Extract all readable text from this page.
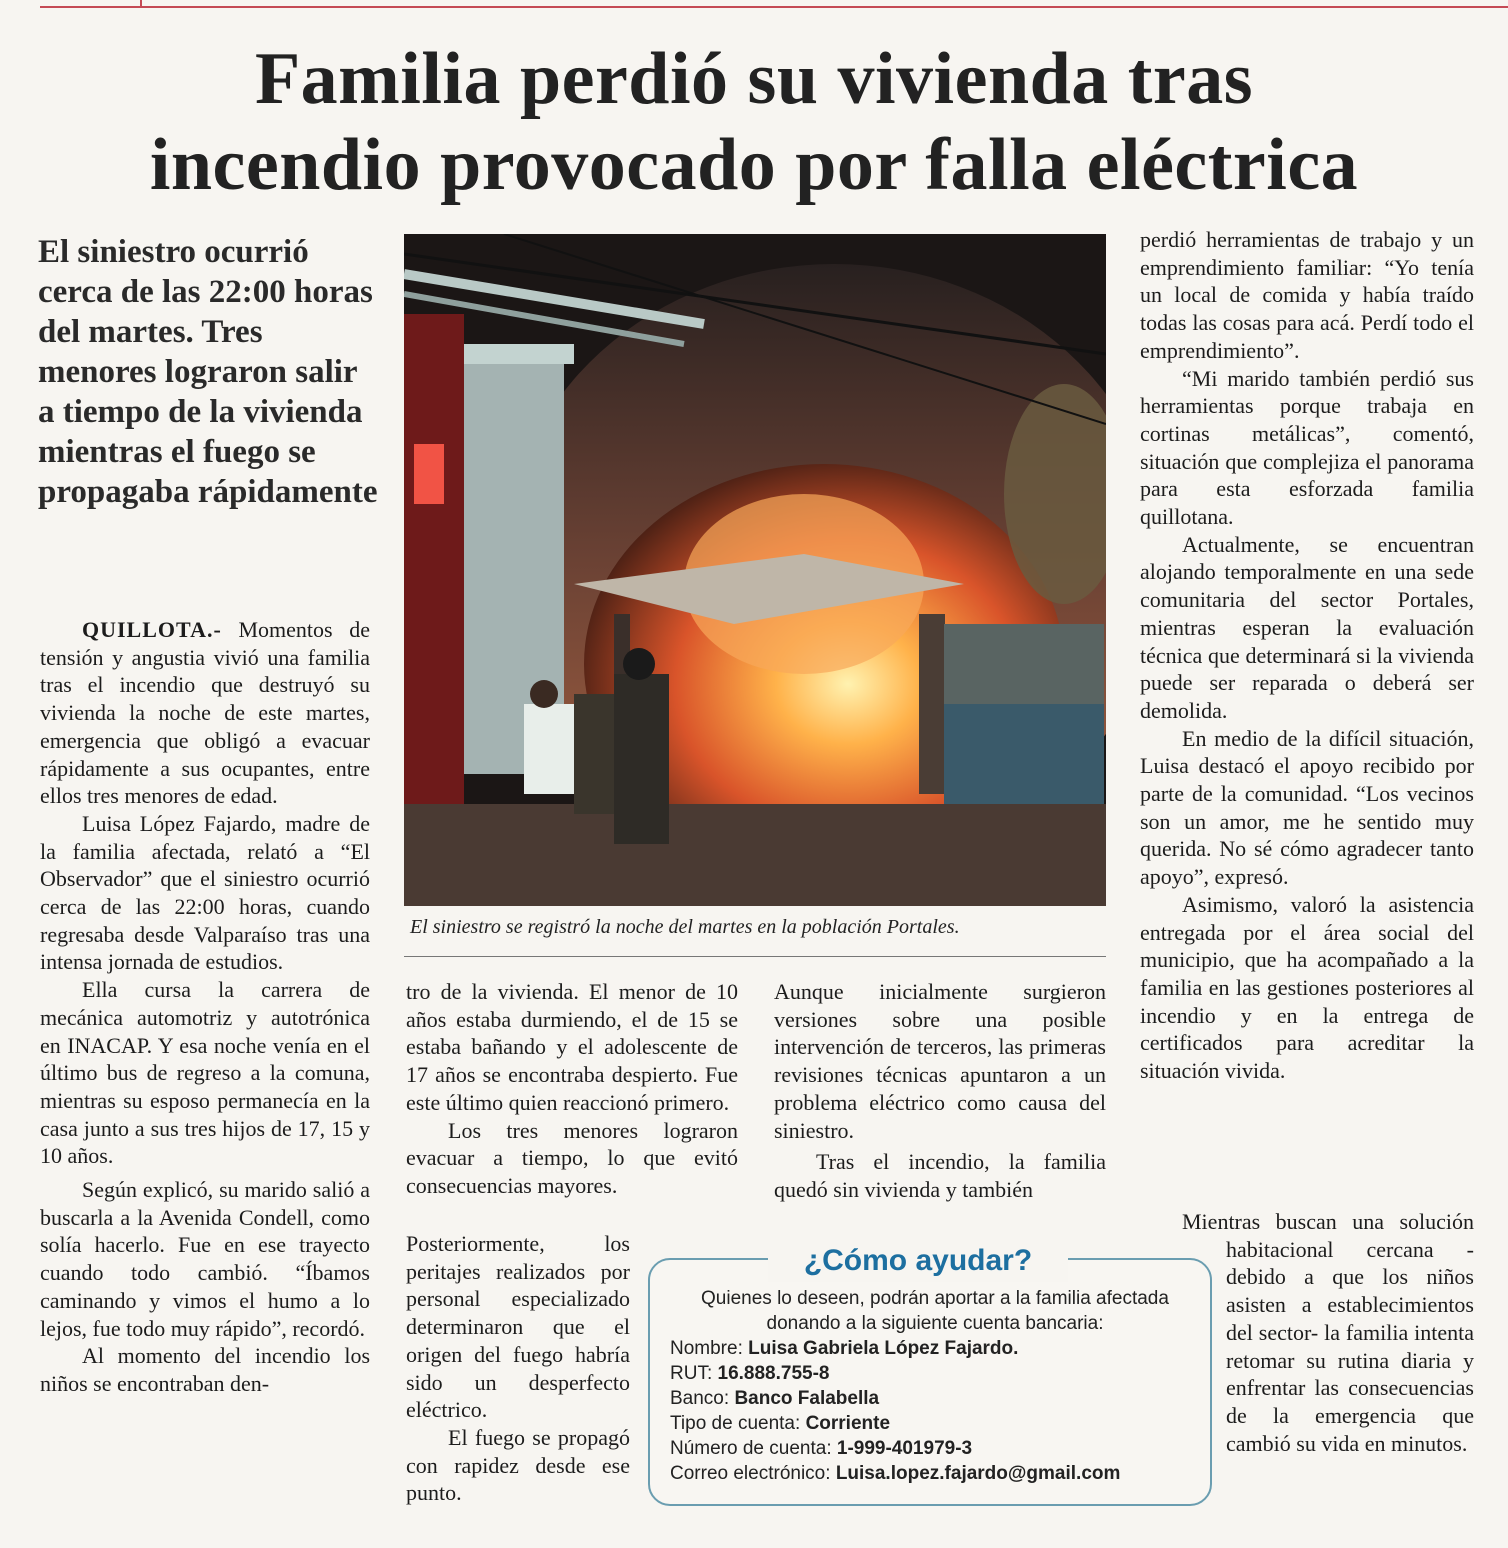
Familia perdió su vivienda tras
incendio provocado por falla eléctrica

El siniestro ocurrió cerca de las 22:00 horas del martes. Tres menores lograron salir a tiempo de la vivienda mientras el fuego se propagaba rápidamente

QUILLOTA.- Momentos de tensión y angustia vivió una familia tras el incendio que destruyó su vivienda la noche de este martes, emergencia que obligó a evacuar rápidamente a sus ocupantes, entre ellos tres menores de edad.

Luisa López Fajardo, madre de la familia afectada, relató a “El Observador” que el siniestro ocurrió cerca de las 22:00 horas, cuando regresaba desde Valparaíso tras una intensa jornada de estudios.

Ella cursa la carrera de mecánica automotriz y autotrónica en INACAP. Y esa noche venía en el último bus de regreso a la comuna, mientras su esposo permanecía en la casa junto a sus tres hijos de 17, 15 y 10 años.

Según explicó, su marido salió a buscarla a la Avenida Condell, como solía hacerlo. Fue en ese trayecto cuando todo cambió. “Íbamos caminando y vimos el humo a lo lejos, fue todo muy rápido”, recordó.

Al momento del incendio los niños se encontraban den-

El siniestro se registró la noche del martes en la población Portales.

tro de la vivienda. El menor de 10 años estaba durmiendo, el de 15 se estaba bañando y el adolescente de 17 años se encontraba despierto. Fue este último quien reaccionó primero.

Los tres menores lograron evacuar a tiempo, lo que evitó consecuencias mayores.

Posteriormente, los peritajes realizados por personal especializado determinaron que el origen del fuego habría sido un desperfecto eléctrico.

El fuego se propagó con rapidez desde ese punto.

Aunque inicialmente surgieron versiones sobre una posible intervención de terceros, las primeras revisiones técnicas apuntaron a un problema eléctrico como causa del siniestro.

Tras el incendio, la familia quedó sin vivienda y también

perdió herramientas de trabajo y un emprendimiento familiar: “Yo tenía un local de comida y había traído todas las cosas para acá. Perdí todo el emprendimiento”.

“Mi marido también perdió sus herramientas porque trabaja en cortinas metálicas”, comentó, situación que complejiza el panorama para esta esforzada familia quillotana.

Actualmente, se encuentran alojando temporalmente en una sede comunitaria del sector Portales, mientras esperan la evaluación técnica que determinará si la vivienda puede ser reparada o deberá ser demolida.

En medio de la difícil situación, Luisa destacó el apoyo recibido por parte de la comunidad. “Los vecinos son un amor, me he sentido muy querida. No sé cómo agradecer tanto apoyo”, expresó.

Asimismo, valoró la asistencia entregada por el área social del municipio, que ha acompañado a la familia en las gestiones posteriores al incendio y en la entrega de certificados para acreditar la situación vivida.

Mientras buscan una solución habitacional cercana -debido a que los niños asisten a establecimientos del sector- la familia intenta retomar su rutina diaria y enfrentar las consecuencias de la emergencia que cambió su vida en minutos.

¿Cómo ayudar?

Quienes lo deseen, podrán aportar a la familia afectada donando a la siguiente cuenta bancaria:

Nombre: Luisa Gabriela López Fajardo.

RUT: 16.888.755-8

Banco: Banco Falabella

Tipo de cuenta: Corriente

Número de cuenta: 1-999-401979-3

Correo electrónico: Luisa.lopez.fajardo@gmail.com
